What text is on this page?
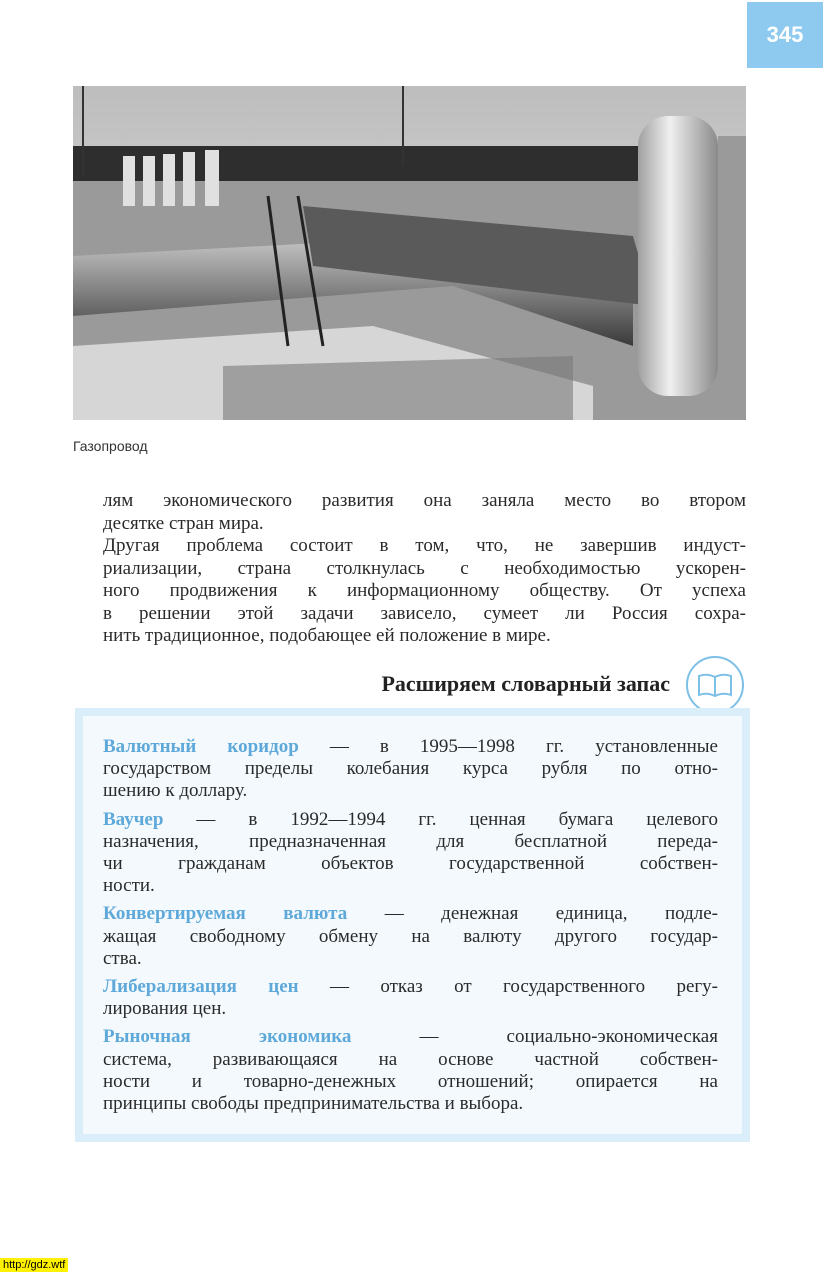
345
Газопровод
лям экономического развития она заняла место во втором
десятке стран мира.
Другая проблема состоит в том, что, не завершив индуст-
риализации, страна столкнулась с необходимостью ускорен-
ного продвижения к информационному обществу. От успеха
в решении этой задачи зависело, сумеет ли Россия сохра-
нить традиционное, подобающее ей положение в мире.
Расширяем словарный запас
Валютный коридор — в 1995—1998 гг. установленные
государством пределы колебания курса рубля по отно-
шению к доллару.
Ваучер — в 1992—1994 гг. ценная бумага целевого
назначения, предназначенная для бесплатной переда-
чи гражданам объектов государственной собствен-
ности.
Конвертируемая валюта — денежная единица, подле-
жащая свободному обмену на валюту другого государ-
ства.
Либерализация цен — отказ от государственного регу-
лирования цен.
Рыночная экономика — социально-экономическая
система, развивающаяся на основе частной собствен-
ности и товарно-денежных отношений; опирается на
принципы свободы предпринимательства и выбора.
http://gdz.wtf
